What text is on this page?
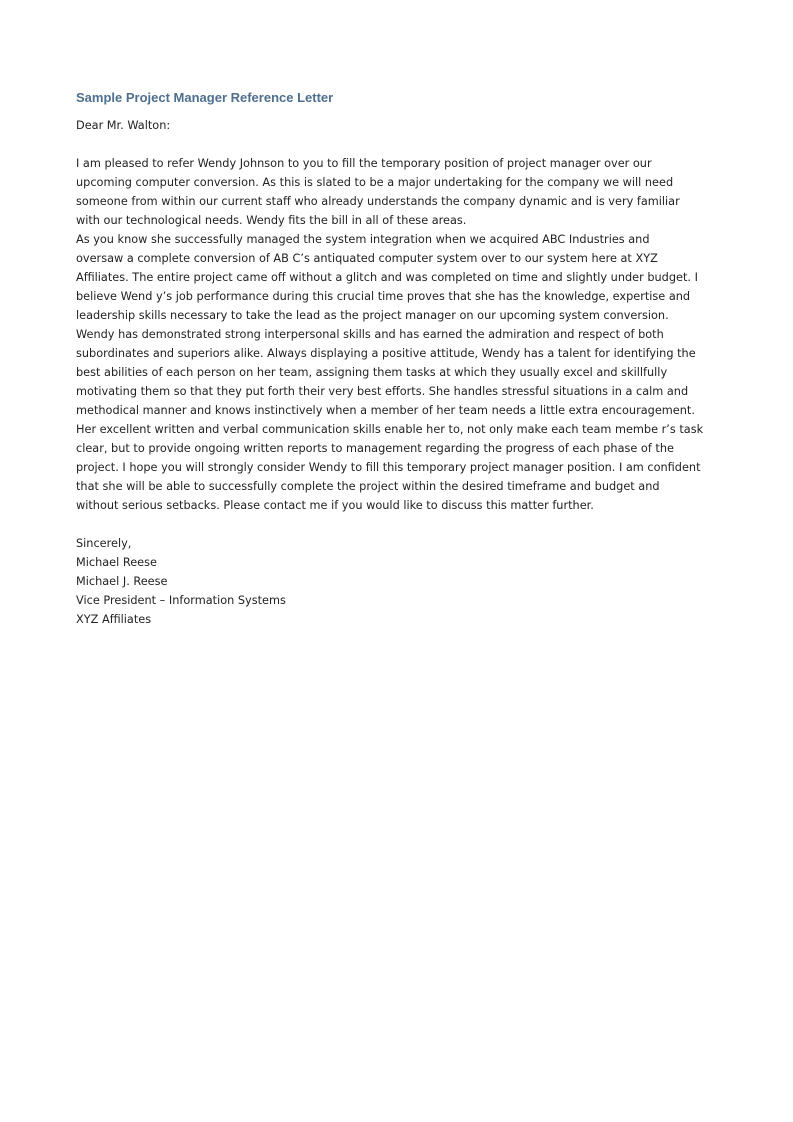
Sample Project Manager Reference Letter
Dear Mr. Walton:
I am pleased to refer Wendy Johnson to you to fill the temporary position of project manager over our
upcoming computer conversion. As this is slated to be a major undertaking for the company we will need
someone from within our current staff who already understands the company dynamic and is very familiar
with our technological needs. Wendy fits the bill in all of these areas.
As you know she successfully managed the system integration when we acquired ABC Industries and
oversaw a complete conversion of AB C’s antiquated computer system over to our system here at XYZ
Affiliates. The entire project came off without a glitch and was completed on time and slightly under budget. I
believe Wend y’s job performance during this crucial time proves that she has the knowledge, expertise and
leadership skills necessary to take the lead as the project manager on our upcoming system conversion.
Wendy has demonstrated strong interpersonal skills and has earned the admiration and respect of both
subordinates and superiors alike. Always displaying a positive attitude, Wendy has a talent for identifying the
best abilities of each person on her team, assigning them tasks at which they usually excel and skillfully
motivating them so that they put forth their very best efforts. She handles stressful situations in a calm and
methodical manner and knows instinctively when a member of her team needs a little extra encouragement.
Her excellent written and verbal communication skills enable her to, not only make each team membe r’s task
clear, but to provide ongoing written reports to management regarding the progress of each phase of the
project. I hope you will strongly consider Wendy to fill this temporary project manager position. I am confident
that she will be able to successfully complete the project within the desired timeframe and budget and
without serious setbacks. Please contact me if you would like to discuss this matter further.
Sincerely,
Michael Reese
Michael J. Reese
Vice President – Information Systems
XYZ Affiliates
